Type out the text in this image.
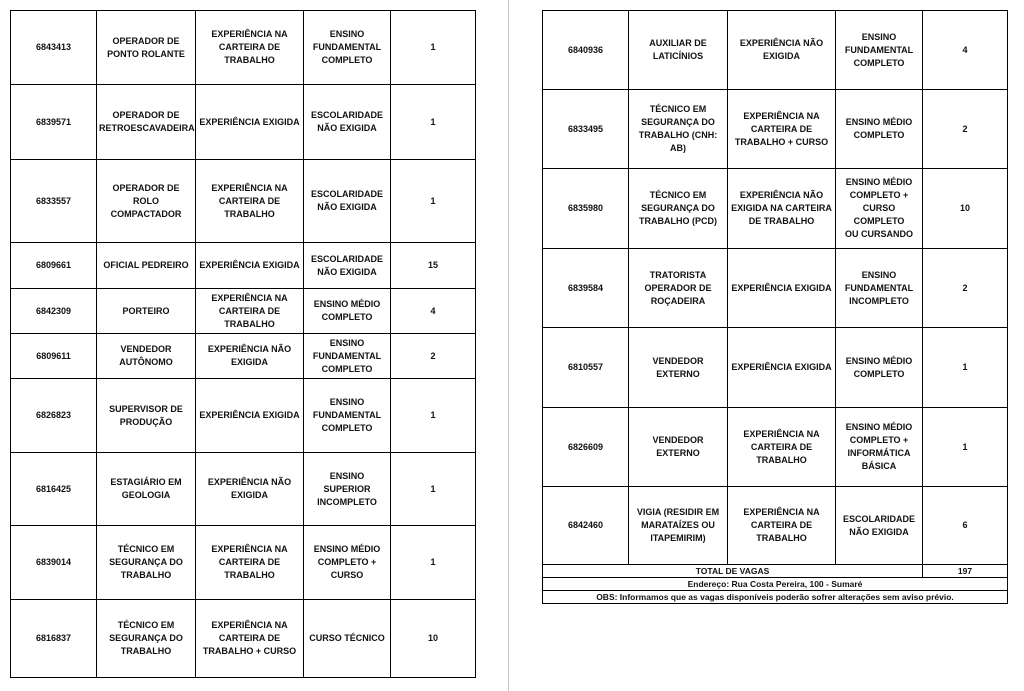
6843413	OPERADOR DE
PONTO ROLANTE	EXPERIÊNCIA NA
CARTEIRA DE
TRABALHO	ENSINO
FUNDAMENTAL
COMPLETO	1
6839571	OPERADOR DE
RETROESCAVADEIRA	EXPERIÊNCIA EXIGIDA	ESCOLARIDADE
NÃO EXIGIDA	1
6833557	OPERADOR DE ROLO
COMPACTADOR	EXPERIÊNCIA NA
CARTEIRA DE
TRABALHO	ESCOLARIDADE
NÃO EXIGIDA	1
6809661	OFICIAL PEDREIRO	EXPERIÊNCIA EXIGIDA	ESCOLARIDADE
NÃO EXIGIDA	15
6842309	PORTEIRO	EXPERIÊNCIA NA
CARTEIRA DE
TRABALHO	ENSINO MÉDIO
COMPLETO	4
6809611	VENDEDOR
AUTÔNOMO	EXPERIÊNCIA NÃO
EXIGIDA	ENSINO
FUNDAMENTAL
COMPLETO	2
6826823	SUPERVISOR DE
PRODUÇÃO	EXPERIÊNCIA EXIGIDA	ENSINO
FUNDAMENTAL
COMPLETO	1
6816425	ESTAGIÁRIO EM
GEOLOGIA	EXPERIÊNCIA NÃO
EXIGIDA	ENSINO SUPERIOR
INCOMPLETO	1
6839014	TÉCNICO EM
SEGURANÇA DO
TRABALHO	EXPERIÊNCIA NA
CARTEIRA DE
TRABALHO	ENSINO MÉDIO
COMPLETO +
CURSO	1
6816837	TÉCNICO EM
SEGURANÇA DO
TRABALHO	EXPERIÊNCIA NA
CARTEIRA DE
TRABALHO + CURSO	CURSO TÉCNICO	10
6840936	AUXILIAR DE
LATICÍNIOS	EXPERIÊNCIA NÃO
EXIGIDA	ENSINO
FUNDAMENTAL
COMPLETO	4
6833495	TÉCNICO EM
SEGURANÇA DO
TRABALHO (CNH: AB)	EXPERIÊNCIA NA
CARTEIRA DE
TRABALHO + CURSO	ENSINO MÉDIO
COMPLETO	2
6835980	TÉCNICO EM
SEGURANÇA DO
TRABALHO (PCD)	EXPERIÊNCIA NÃO
EXIGIDA NA CARTEIRA
DE TRABALHO	ENSINO MÉDIO
COMPLETO +
CURSO COMPLETO
OU CURSANDO	10
6839584	TRATORISTA
OPERADOR DE
ROÇADEIRA	EXPERIÊNCIA EXIGIDA	ENSINO
FUNDAMENTAL
INCOMPLETO	2
6810557	VENDEDOR EXTERNO	EXPERIÊNCIA EXIGIDA	ENSINO MÉDIO
COMPLETO	1
6826609	VENDEDOR EXTERNO	EXPERIÊNCIA NA
CARTEIRA DE
TRABALHO	ENSINO MÉDIO
COMPLETO +
INFORMÁTICA
BÁSICA	1
6842460	VIGIA (RESIDIR EM
MARATAÍZES OU
ITAPEMIRIM)	EXPERIÊNCIA NA
CARTEIRA DE
TRABALHO	ESCOLARIDADE
NÃO EXIGIDA	6
TOTAL DE VAGAS				197
Endereço: Rua Costa Pereira, 100 - Sumaré				
OBS: Informamos que as vagas disponíveis poderão sofrer alterações sem aviso prévio.				
